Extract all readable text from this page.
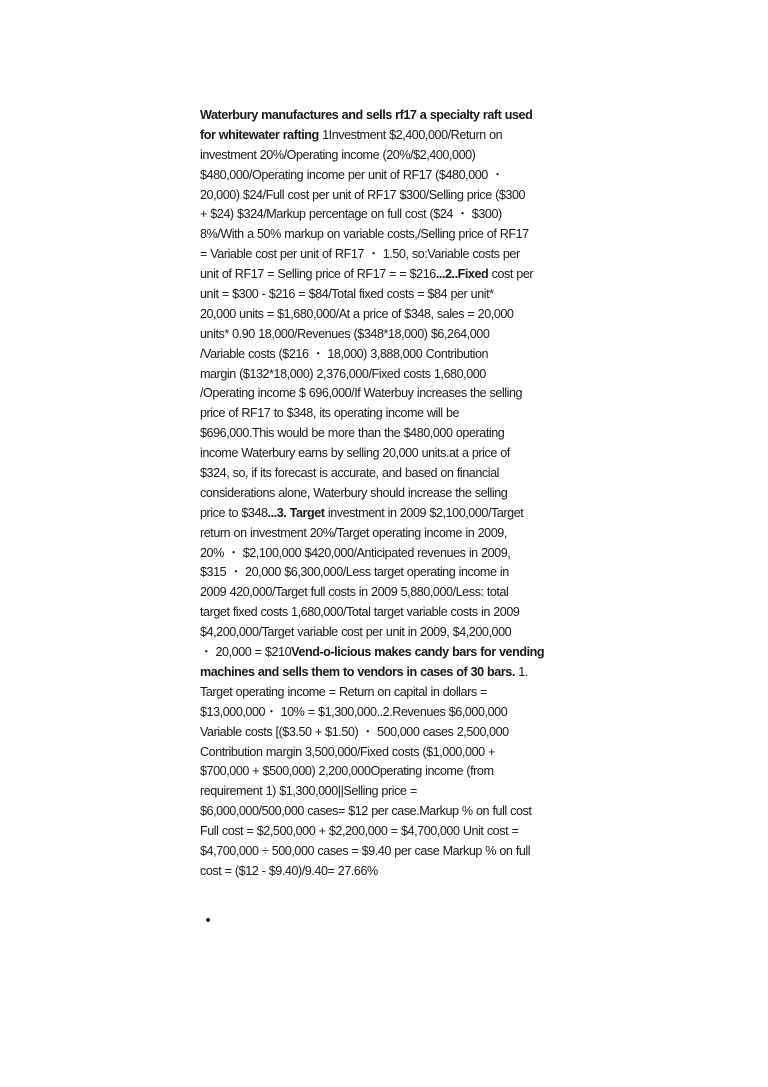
Waterbury manufactures and sells rf17 a specialty raft used
for whitewater rafting 1Investment $2,400,000/Return on
investment 20%/Operating income (20%/$2,400,000)
$480,000/Operating income per unit of RF17 ($480,000 ・
20,000) $24/Full cost per unit of RF17 $300/Selling price ($300
+ $24) $324/Markup percentage on full cost ($24 ・ $300)
8%/With a 50% markup on variable costs,/Selling price of RF17
= Variable cost per unit of RF17 ・ 1.50, so:Variable costs per
unit of RF17 = Selling price of RF17 = = $216...2..Fixed cost per
unit = $300 ‐ $216 = $84/Total fixed costs = $84 per unit*
20,000 units = $1,680,000/At a price of $348, sales = 20,000
units* 0.90 18,000/Revenues ($348*18,000) $6,264,000
/Variable costs ($216 ・ 18,000) 3,888,000 Contribution
margin ($132*18,000) 2,376,000/Fixed costs 1,680,000
/Operating income $ 696,000/If Waterbuy increases the selling
price of RF17 to $348, its operating income will be
$696,000.This would be more than the $480,000 operating
income Waterbury earns by selling 20,000 units.at a price of
$324, so, if its forecast is accurate, and based on financial
considerations alone, Waterbury should increase the selling
price to $348...3. Target investment in 2009 $2,100,000/Target
return on investment 20%/Target operating income in 2009,
20% ・ $2,100,000 $420,000/Anticipated revenues in 2009,
$315 ・ 20,000 $6,300,000/Less target operating income in
2009 420,000/Target full costs in 2009 5,880,000/Less: total
target fixed costs 1,680,000/Total target variable costs in 2009
$4,200,000/Target variable cost per unit in 2009, $4,200,000
・ 20,000 = $210Vend-o-licious makes candy bars for vending
machines and sells them to vendors in cases of 30 bars. 1.
Target operating income = Return on capital in dollars =
$13,000,000・ 10% = $1,300,000..2.Revenues $6,000,000
Variable costs [($3.50 + $1.50) ・ 500,000 cases 2,500,000
Contribution margin 3,500,000/Fixed costs ($1,000,000 +
$700,000 + $500,000) 2,200,000Operating income (from
requirement 1) $1,300,000||Selling price =
$6,000,000/500,000 cases= $12 per case.Markup % on full cost
Full cost = $2,500,000 + $2,200,000 = $4,700,000 Unit cost =
$4,700,000 ÷ 500,000 cases = $9.40 per case Markup % on full
cost = ($12 - $9.40)/9.40= 27.66%
•
